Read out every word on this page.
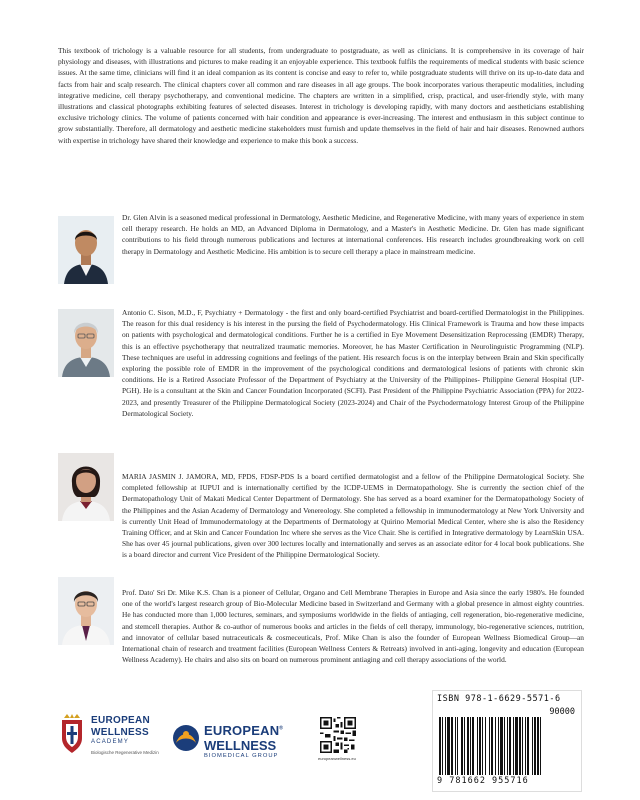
This textbook of trichology is a valuable resource for all students, from undergraduate to postgraduate, as well as clinicians. It is comprehensive in its coverage of hair physiology and diseases, with illustrations and pictures to make reading it an enjoyable experience. This textbook fulfils the requirements of medical students with basic science issues. At the same time, clinicians will find it an ideal companion as its content is concise and easy to refer to, while postgraduate students will thrive on its up-to-date data and facts from hair and scalp research. The clinical chapters cover all common and rare diseases in all age groups. The book incorporates various therapeutic modalities, including integrative medicine, cell therapy psychotherapy, and conventional medicine. The chapters are written in a simplified, crisp, practical, and user-friendly style, with many illustrations and classical photographs exhibiting features of selected diseases. Interest in trichology is developing rapidly, with many doctors and aestheticians establishing exclusive trichology clinics. The volume of patients concerned with hair condition and appearance is ever-increasing. The interest and enthusiasm in this subject continue to grow substantially. Therefore, all dermatology and aesthetic medicine stakeholders must furnish and update themselves in the field of hair and hair diseases. Renowned authors with expertise in trichology have shared their knowledge and experience to make this book a success.

Dr. Glen Alvin is a seasoned medical professional in Dermatology, Aesthetic Medicine, and Regenerative Medicine, with many years of experience in stem cell therapy research. He holds an MD, an Advanced Diploma in Dermatology, and a Master's in Aesthetic Medicine. Dr. Glen has made significant contributions to his field through numerous publications and lectures at international conferences. His research includes groundbreaking work on cell therapy in Dermatology and Aesthetic Medicine. His ambition is to secure cell therapy a place in mainstream medicine.

Antonio C. Sison, M.D., F, Psychiatry + Dermatology - the first and only board-certified Psychiatrist and board-certified Dermatologist in the Philippines. The reason for this dual residency is his interest in the pursing the field of Psychodermatology. His Clinical Framework is Trauma and how these impacts on patients with psychological and dermatological conditions. Further he is a certified in Eye Movement Desensitization Reprocessing (EMDR) Therapy, this is an effective psychotherapy that neutralized traumatic memories. Moreover, he has Master Certification in Neurolinguistic Programming (NLP). These techniques are useful in addressing cognitions and feelings of the patient. His research focus is on the interplay between Brain and Skin specifically exploring the possible role of EMDR in the improvement of the psychological conditions and dermatological lesions of patients with chronic skin conditions. He is a Retired Associate Professor of the Department of Psychiatry at the University of the Philippines- Philippine General Hospital (UP-PGH). He is a consultant at the Skin and Cancer Foundation Incorporated (SCFI). Past President of the Philippine Psychiatric Association (PPA) for 2022-2023, and presently Treasurer of the Philippine Dermatological Society (2023-2024) and Chair of the Psychodermatology Interest Group of the Philippine Dermatological Society.

MARIA JASMIN J. JAMORA, MD, FPDS, FDSP-PDS Is a board certified dermatologist and a fellow of the Philippine Dermatological Society. She completed fellowship at IUPUI and is internationally certified by the ICDP-UEMS in Dermatopathology. She is currently the section chief of the Dermatopathology Unit of Makati Medical Center Department of Dermatology. She has served as a board examiner for the Dermatopathology Society of the Philippines and the Asian Academy of Dermatology and Venereology. She completed a fellowship in immunodermatology at New York University and is currently Unit Head of Immunodermatology at the Departments of Dermatology at Quirino Memorial Medical Center, where she is also the Residency Training Officer, and at Skin and Cancer Foundation Inc where she serves as the Vice Chair. She is certified in Integrative dermatology by LearnSkin USA. She has over 45 journal publications, given over 300 lectures locally and internationally and serves as an associate editor for 4 local book publications. She is a board director and current Vice President of the Philippine Dermatological Society.

Prof. Dato' Sri Dr. Mike K.S. Chan is a pioneer of Cellular, Organo and Cell Membrane Therapies in Europe and Asia since the early 1980's. He founded one of the world's largest research group of Bio-Molecular Medicine based in Switzerland and Germany with a global presence in almost eighty countries. He has conducted more than 1,000 lectures, seminars, and symposiums worldwide in the fields of antiaging, cell regeneration, bio-regenerative medicine, and stemcell therapies. Author & co-author of numerous books and articles in the fields of cell therapy, immunology, bio-regenerative sciences, nutrition, and innovator of cellular based nutraceuticals & cosmeceuticals, Prof. Mike Chan is also the founder of European Wellness Biomedical Group—an International chain of research and treatment facilities (European Wellness Centers & Retreats) involved in anti-aging, longevity and education (European Wellness Academy). He chairs and also sits on board on numerous prominent antiaging and cell therapy associations of the world.

EUROPEAN
WELLNESS
ACADEMY
Biologische Regenerative Medizin
EUROPEAN®
WELLNESS
BIOMEDICAL GROUP	europeanwellness.eu
ISBN 978-1-6629-5571-6
90000
9 781662 955716
